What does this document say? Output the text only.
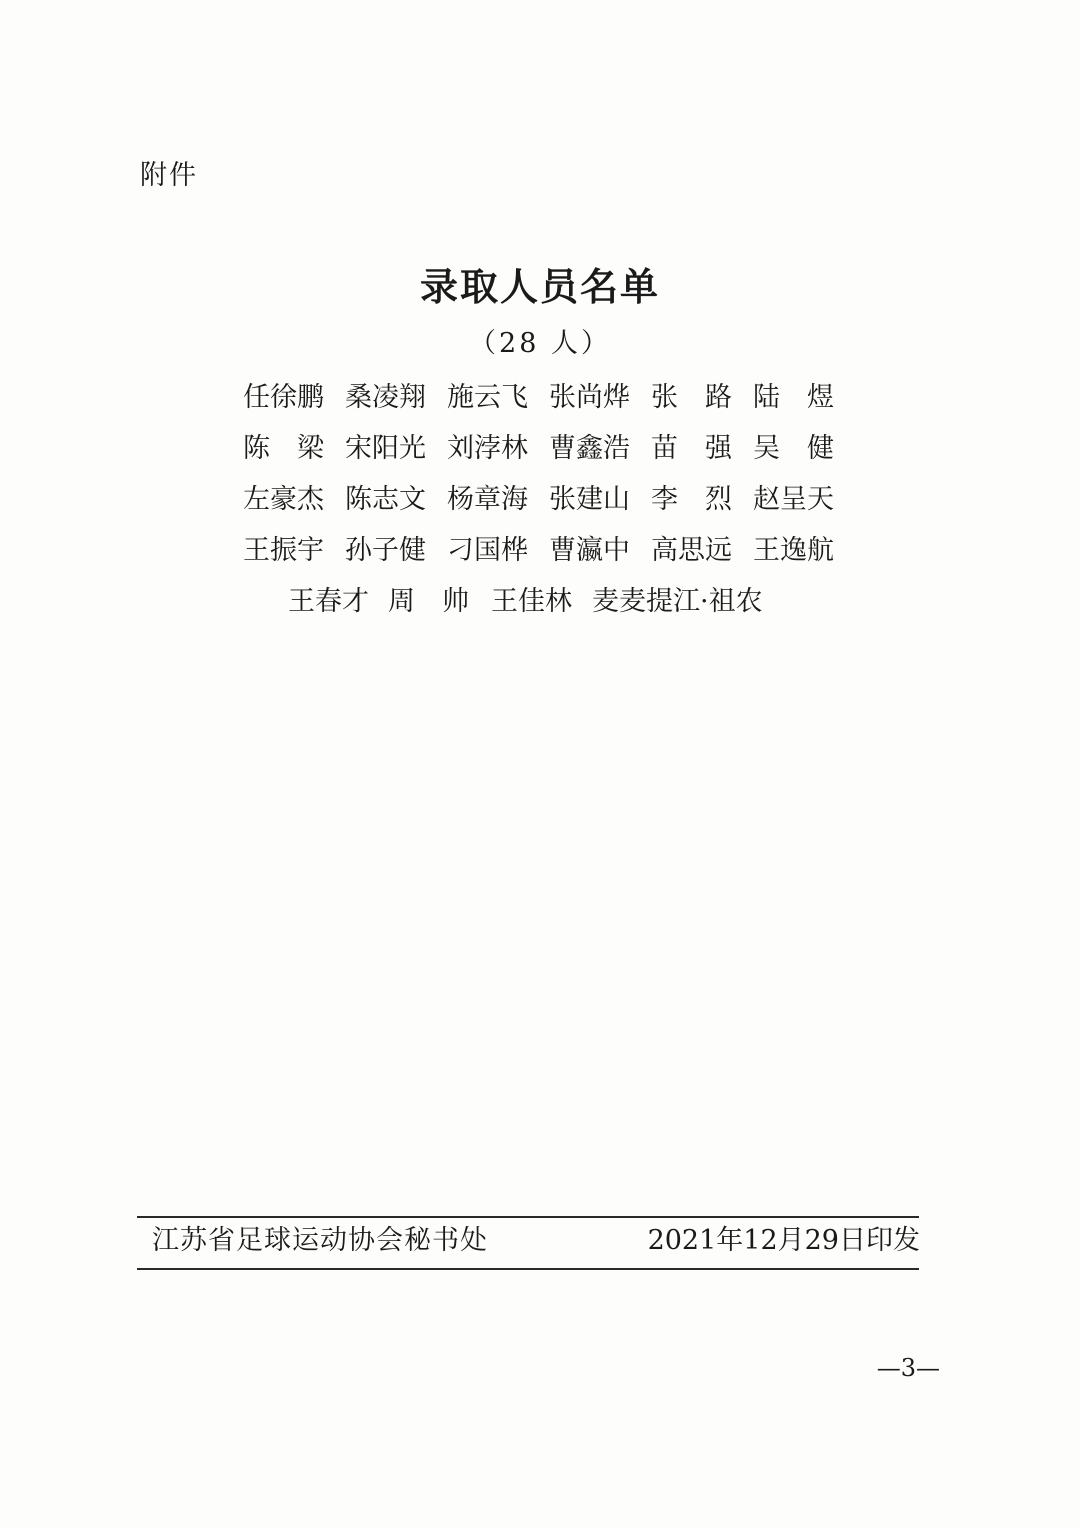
附件
录取人员名单
（28 人）
任徐鹏 桑凌翔 施云飞 张尚烨 张　路 陆　煜
陈　梁 宋阳光 刘浡林 曹鑫浩 苗　强 吴　健
左豪杰 陈志文 杨章海 张建山 李　烈 赵呈天
王振宇 孙子健 刁国桦 曹瀛中 高思远 王逸航
王春才 周　帅 王佳林 麦麦提江·祖农
江苏省足球运动协会秘书处	2021年12月29日印发
—3—
